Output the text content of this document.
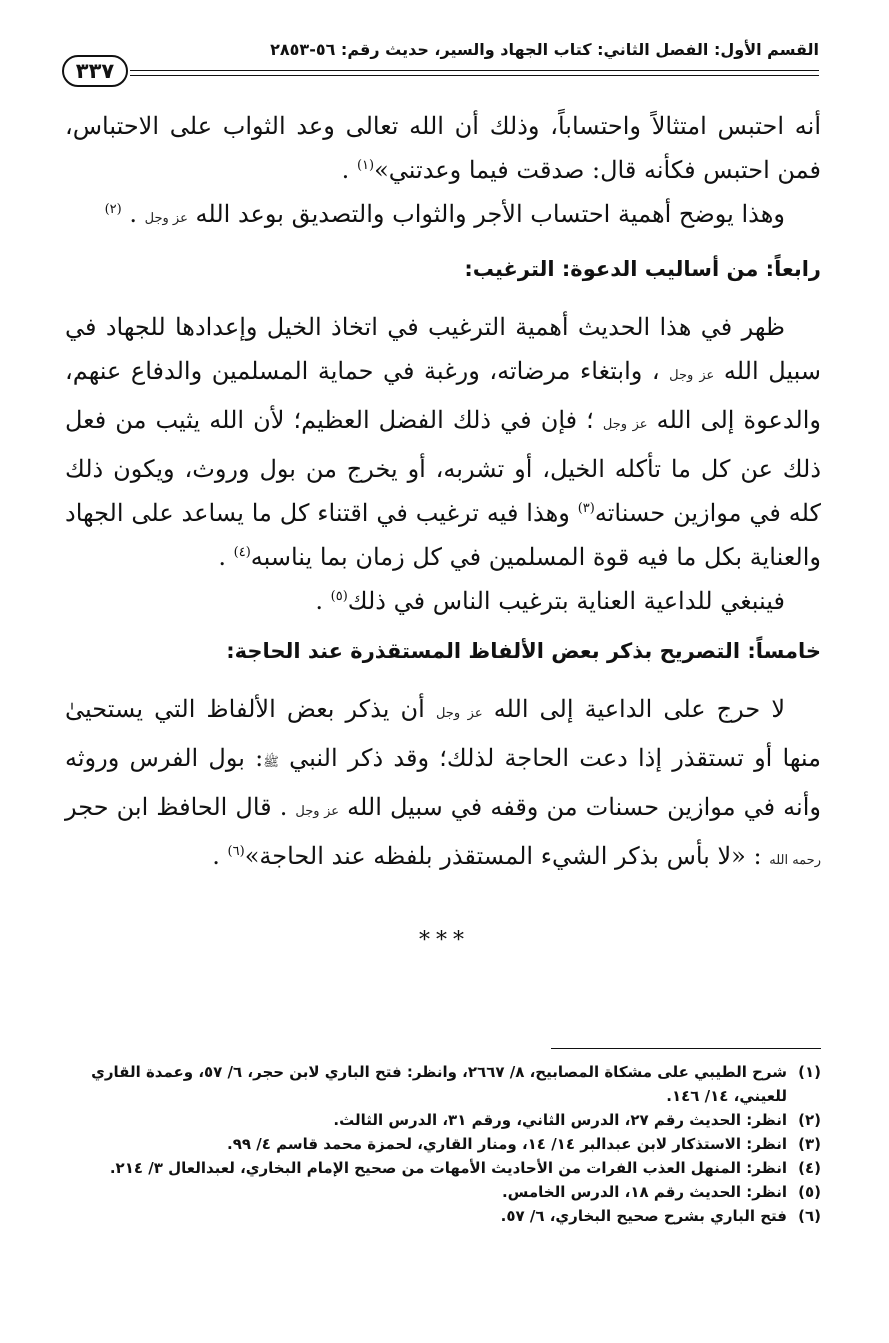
القسم الأول: الفصل الثاني: كتاب الجهاد والسير، حديث رقم: ٥٦-٢٨٥٣
٣٣٧

أنه احتبس امتثالاً واحتساباً، وذلك أن الله تعالى وعد الثواب على الاحتباس، فمن احتبس فكأنه قال: صدقت فيما وعدتني»$^{(١)}$ .

وهذا يوضح أهمية احتساب الأجر والثواب والتصديق بوعد الله عز وجل . $^{(٢)}$

رابعاً: من أساليب الدعوة: الترغيب:

ظهر في هذا الحديث أهمية الترغيب في اتخاذ الخيل وإعدادها للجهاد في سبيل الله عز وجل ، وابتغاء مرضاته، ورغبة في حماية المسلمين والدفاع عنهم، والدعوة إلى الله عز وجل ؛ فإن في ذلك الفضل العظيم؛ لأن الله يثيب من فعل ذلك عن كل ما تأكله الخيل، أو تشربه، أو يخرج من بول وروث، ويكون ذلك كله في موازين حسناته$^{(٣)}$ وهذا فيه ترغيب في اقتناء كل ما يساعد على الجهاد والعناية بكل ما فيه قوة المسلمين في كل زمان بما يناسبه$^{(٤)}$ .

فينبغي للداعية العناية بترغيب الناس في ذلك$^{(٥)}$ .

خامساً: التصريح بذكر بعض الألفاظ المستقذرة عند الحاجة:

لا حرج على الداعية إلى الله عز وجل أن يذكر بعض الألفاظ التي يستحيىٰ منها أو تستقذر إذا دعت الحاجة لذلك؛ وقد ذكر النبي ﷺ: بول الفرس وروثه وأنه في موازين حسنات من وقفه في سبيل الله عز وجل . قال الحافظ ابن حجر رحمه الله : «لا بأس بذكر الشيء المستقذر بلفظه عند الحاجة»$^{(٦)}$ .

***
(١)
شرح الطيبي على مشكاة المصابيح، ٨/ ٢٦٦٧، وانظر: فتح الباري لابن حجر، ٦/ ٥٧، وعمدة القاري للعيني، ١٤/ ١٤٦.
(٢)
انظر: الحديث رقم ٢٧، الدرس الثاني، ورقم ٣١، الدرس الثالث.
(٣)
انظر: الاستذكار لابن عبدالبر ١٤/ ١٤، ومنار القاري، لحمزة محمد قاسم ٤/ ٩٩.
(٤)
انظر: المنهل العذب الفرات من الأحاديث الأمهات من صحيح الإمام البخاري، لعبدالعال ٣/ ٢١٤.
(٥)
انظر: الحديث رقم ١٨، الدرس الخامس.
(٦)
فتح الباري بشرح صحيح البخاري، ٦/ ٥٧.
